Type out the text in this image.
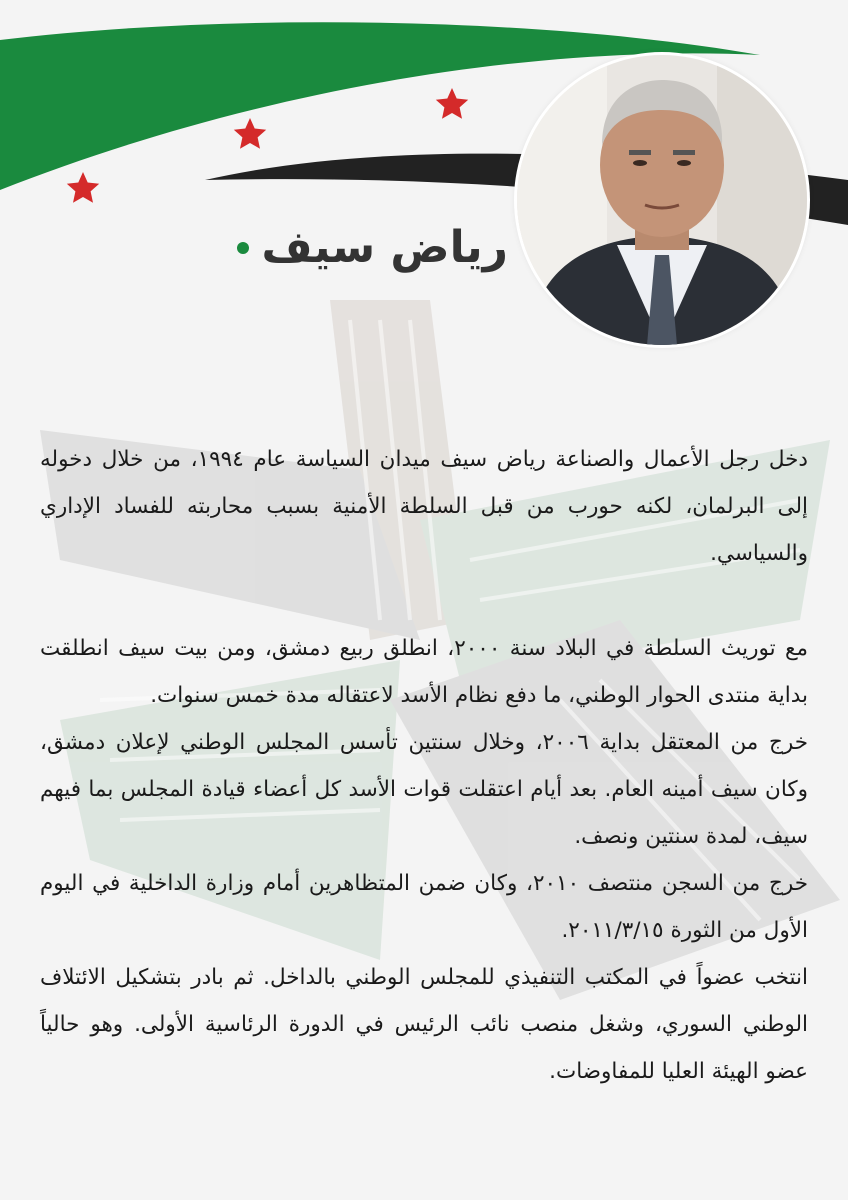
رياض سيف

دخل رجل الأعمال والصناعة رياض سيف ميدان السياسة عام ١٩٩٤، من خلال دخوله إلى البرلمان، لكنه حورب من قبل السلطة الأمنية بسبب محاربته للفساد الإداري والسياسي.

مع توريث السلطة في البلاد سنة ٢٠٠٠، انطلق ربيع دمشق، ومن بيت سيف انطلقت بداية منتدى الحوار الوطني، ما دفع نظام الأسد لاعتقاله مدة خمس سنوات.

خرج من المعتقل بداية ٢٠٠٦، وخلال سنتين تأسس المجلس الوطني لإعلان دمشق، وكان سيف أمينه العام. بعد أيام اعتقلت قوات الأسد كل أعضاء قيادة المجلس بما فيهم سيف، لمدة سنتين ونصف.

خرج من السجن منتصف ٢٠١٠، وكان ضمن المتظاهرين أمام وزارة الداخلية في اليوم الأول من الثورة ٢٠١١/٣/١٥.

انتخب عضواً في المكتب التنفيذي للمجلس الوطني بالداخل. ثم بادر بتشكيل الائتلاف الوطني السوري، وشغل منصب نائب الرئيس في الدورة الرئاسية الأولى. وهو حالياً عضو الهيئة العليا للمفاوضات.
